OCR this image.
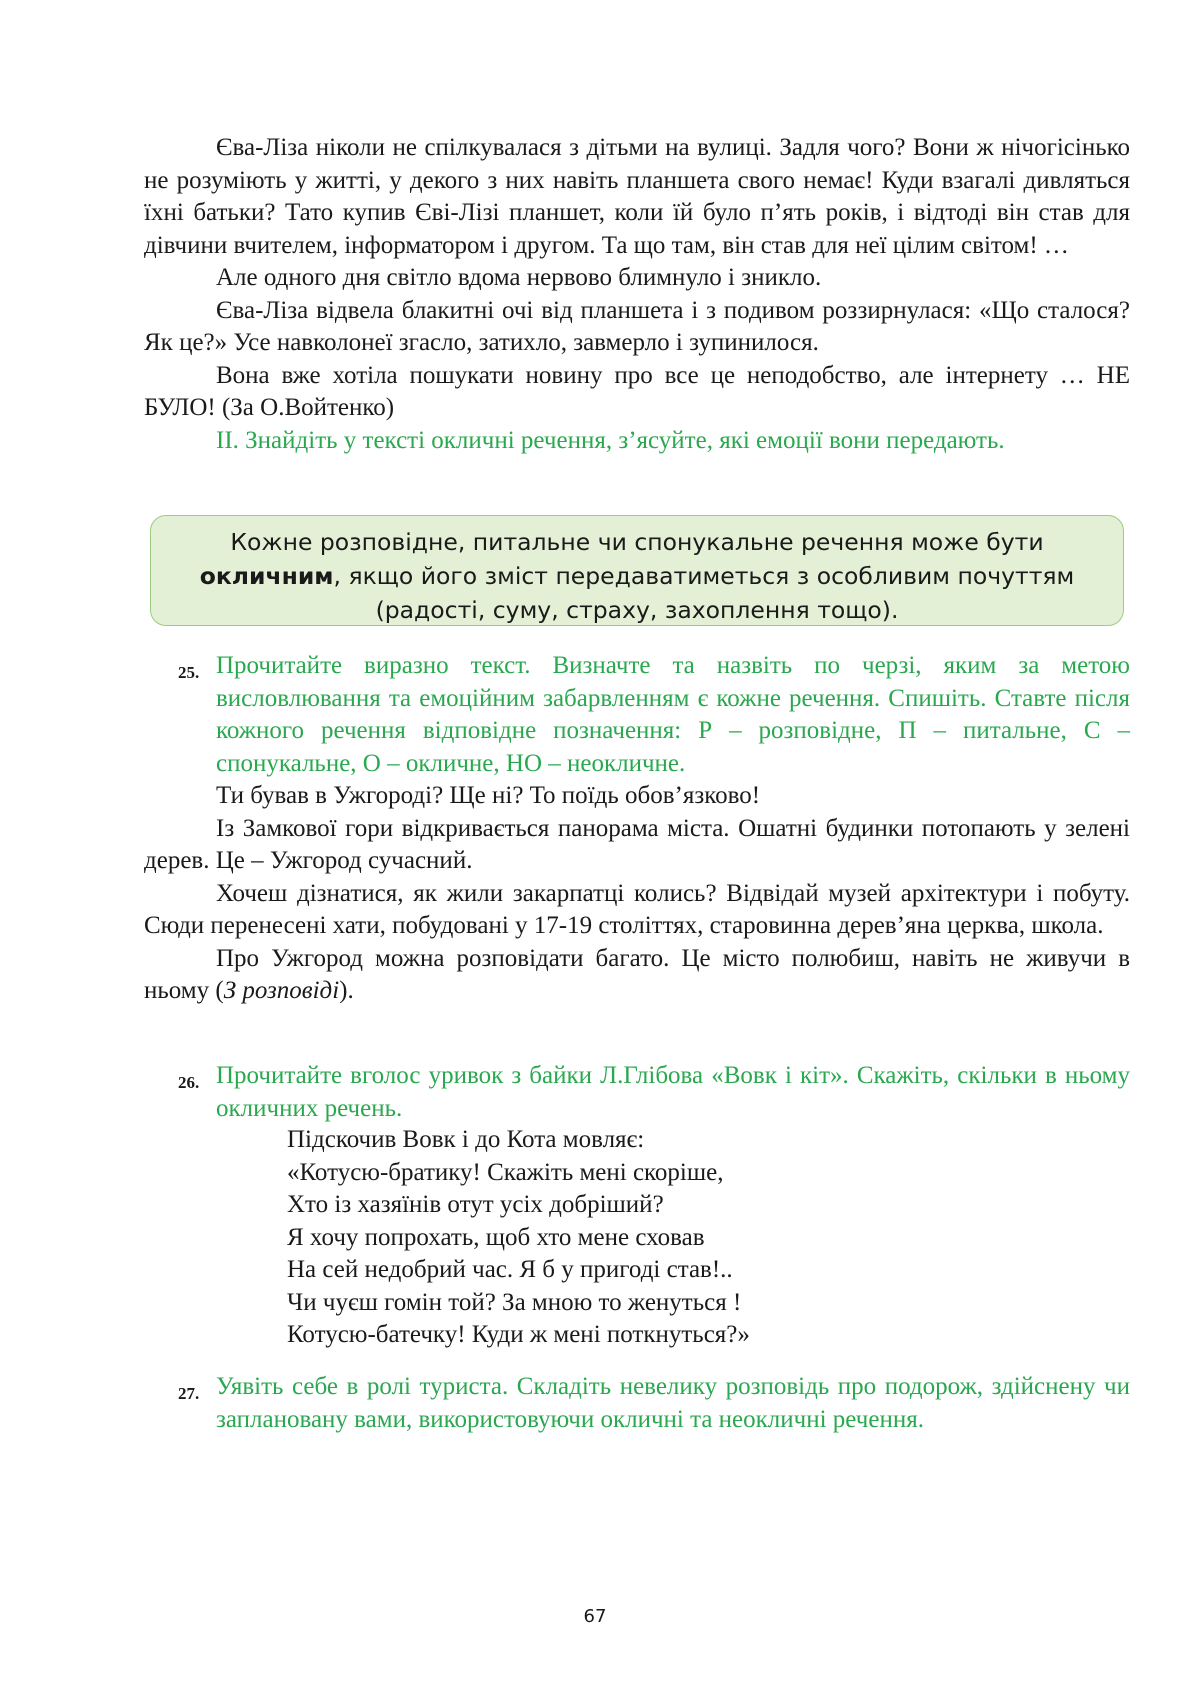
Єва-Ліза ніколи не спілкувалася з дітьми на вулиці. Задля чого? Вони ж нічогісінько не розуміють у житті, у декого з них навіть планшета свого немає! Куди взагалі дивляться їхні батьки? Тато купив Єві-Лізі планшет, коли їй було п’ять років, і відтоді він став для дівчини вчителем, інформатором і другом. Та що там, він став для неї цілим світом! …

Але одного дня світло вдома нервово блимнуло і зникло.

Єва-Ліза відвела блакитні очі від планшета і з подивом роззирнулася: «Що сталося? Як це?» Усе навколонеї згасло, затихло, завмерло і зупинилося.

Вона вже хотіла пошукати новину про все це неподобство, але інтернету … НЕ БУЛО! (За О.Войтенко)

ІІ. Знайдіть у тексті окличні речення, з’ясуйте, які емоції вони передають.

Кожне розповідне, питальне чи спонукальне речення може бути окличним, якщо його зміст передаватиметься з особливим почуттям (радості, суму, страху, захоплення тощо).
25. Прочитайте виразно текст. Визначте та назвіть по черзі, яким за метою висловлювання та емоційним забарвленням є кожне речення. Спишіть. Ставте після кожного речення відповідне позначення: Р – розповідне, П – питальне, С – спонукальне, О – окличне, НО – неокличне.

Ти бував в Ужгороді? Ще ні? То поїдь обов’язково!

Із Замкової гори відкривається панорама міста. Ошатні будинки потопають у зелені дерев. Це – Ужгород сучасний.

Хочеш дізнатися, як жили закарпатці колись? Відвідай музей архітектури і побуту. Сюди перенесені хати, побудовані у 17-19 століттях, старовинна дерев’яна церква, школа.

Про Ужгород можна розповідати багато. Це місто полюбиш, навіть не живучи в ньому (З розповіді).

26. Прочитайте вголос уривок з байки Л.Глібова «Вовк і кіт». Скажіть, скільки в ньому окличних речень.

Підскочив Вовк і до Кота мовляє:

«Котусю-братику! Скажіть мені скоріше,

Хто із хазяїнів отут усіх добріший?

Я хочу попрохать, щоб хто мене сховав

На сей недобрий час. Я б у пригоді став!..

Чи чуєш гомін той? За мною то женуться !

Котусю-батечку! Куди ж мені поткнуться?»

27. Уявіть себе в ролі туриста. Складіть невелику розповідь про подорож, здійснену чи заплановану вами, використовуючи окличні та неокличні речення.

67
